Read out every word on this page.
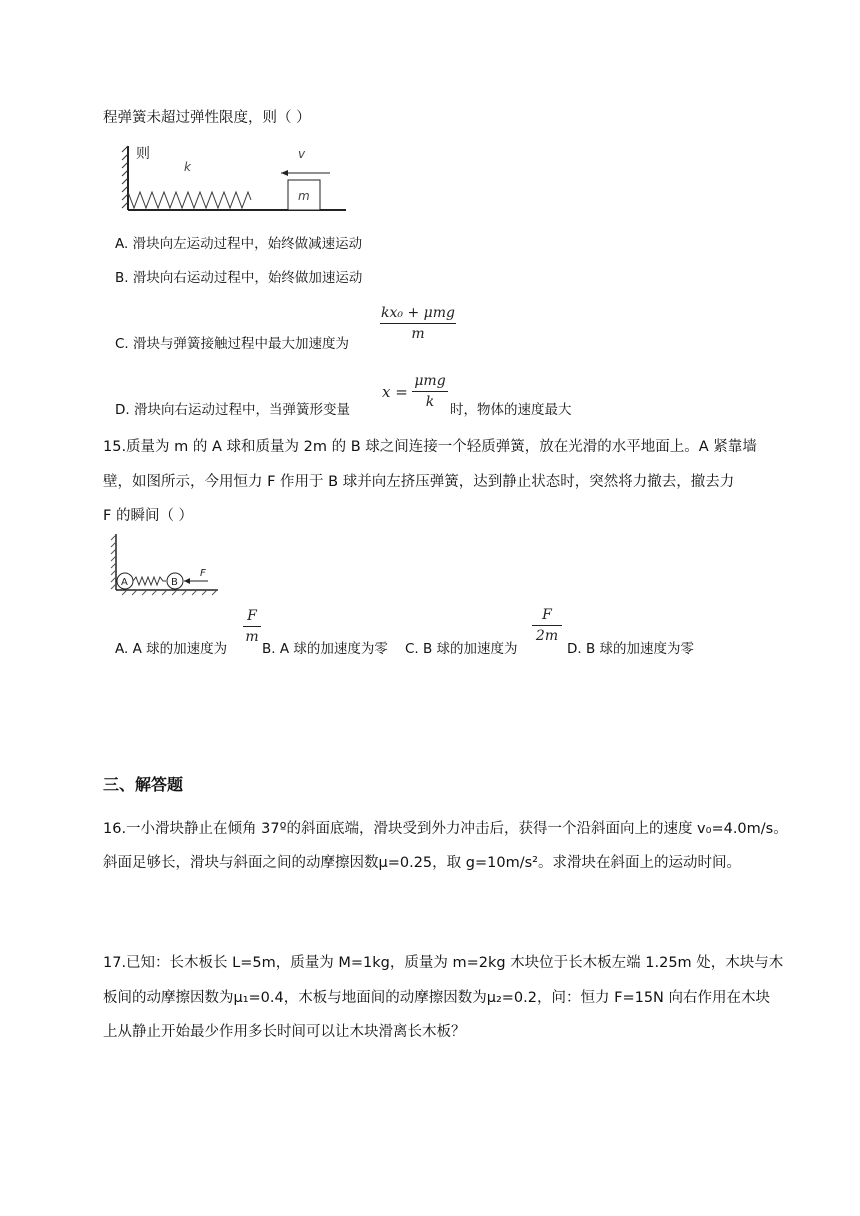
程弹簧未超过弹性限度，则（ ）
则
k
v
m
A. 滑块向左运动过程中，始终做减速运动
B. 滑块向右运动过程中，始终做加速运动
kx₀ + μmg
m
C. 滑块与弹簧接触过程中最大加速度为
x =
μmg
k
D. 滑块向右运动过程中，当弹簧形变量	时，物体的速度最大
15.质量为 m 的 A 球和质量为 2m 的 B 球之间连接一个轻质弹簧，放在光滑的水平地面上。A 紧靠墙
壁，如图所示，今用恒力 F 作用于 B 球并向左挤压弹簧，达到静止状态时，突然将力撤去，撤去力
F 的瞬间（ ）
A	B
F
A. A 球的加速度为
F
m
B. A 球的加速度为零 C. B 球的加速度为
F
2m
D. B 球的加速度为零
三、解答题
16.一小滑块静止在倾角 37º的斜面底端，滑块受到外力冲击后，获得一个沿斜面向上的速度 v₀=4.0m/s。
斜面足够长，滑块与斜面之间的动摩擦因数μ=0.25，取 g=10m/s²。求滑块在斜面上的运动时间。
17.已知：长木板长 L=5m，质量为 M=1kg，质量为 m=2kg 木块位于长木板左端 1.25m 处，木块与木
板间的动摩擦因数为μ₁=0.4，木板与地面间的动摩擦因数为μ₂=0.2，问：恒力 F=15N 向右作用在木块
上从静止开始最少作用多长时间可以让木块滑离长木板？
